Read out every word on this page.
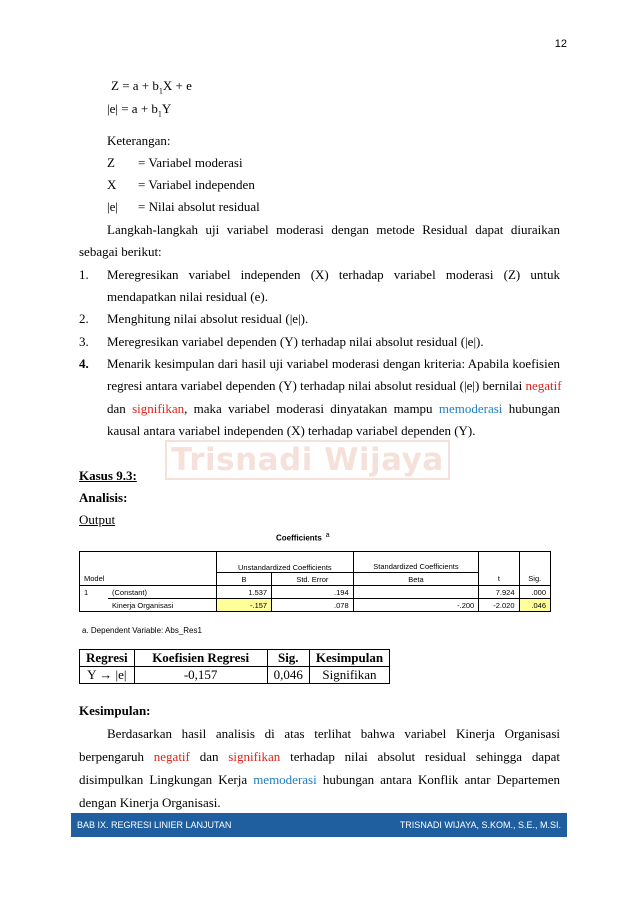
12
Trisnadi Wijaya
$Z = a + b_1X + e$
$|e| = a + b_1Y$
Keterangan:
Z = Variabel moderasi
X = Variabel independen
|e| = Nilai absolut residual
Langkah-langkah uji variabel moderasi dengan metode Residual dapat diuraikan
sebagai berikut:
1. Meregresikan variabel independen (X) terhadap variabel moderasi (Z) untuk
mendapatkan nilai residual (e).
2. Menghitung nilai absolut residual (|e|).
3. Meregresikan variabel dependen (Y) terhadap nilai absolut residual (|e|).
4. Menarik kesimpulan dari hasil uji variabel moderasi dengan kriteria: Apabila koefisien
regresi antara variabel dependen (Y) terhadap nilai absolut residual (|e|) bernilai negatif
dan signifikan, maka variabel moderasi dinyatakan mampu memoderasi hubungan
kausal antara variabel independen (X) terhadap variabel dependen (Y).
Kasus 9.3:
Analisis:
Output
Coefficients $^a$
		Unstandardized Coefficients		Standardized Coefficients		

Model		B	Std. Error	Beta	t	Sig.
1	(Constant)	1.537	.194		7.924	.000
	Kinerja Organisasi	-.157	.078	-.200	-2.020	.046
a. Dependent Variable: Abs_Res1
Regresi	Koefisien Regresi	Sig.	Kesimpulan
Y → |e|	-0,157	0,046	Signifikan
Kesimpulan:
Berdasarkan hasil analisis di atas terlihat bahwa variabel Kinerja Organisasi
berpengaruh negatif dan signifikan terhadap nilai absolut residual sehingga dapat
disimpulkan Lingkungan Kerja memoderasi hubungan antara Konflik antar Departemen
dengan Kinerja Organisasi.
BAB IX. REGRESI LINIER LANJUTAN	TRISNADI WIJAYA, S.KOM., S.E., M.SI.
